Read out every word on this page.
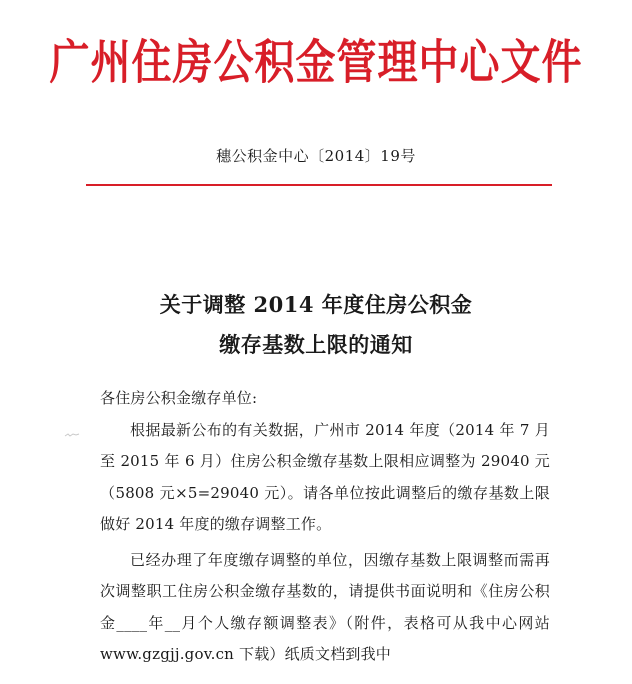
广州住房公积金管理中心文件
穗公积金中心〔2014〕19号
关于调整 2014 年度住房公积金
缴存基数上限的通知

各住房公积金缴存单位:

根据最新公布的有关数据，广州市 2014 年度（2014 年 7 月至 2015 年 6 月）住房公积金缴存基数上限相应调整为 29040 元（5808 元×5=29040 元）。请各单位按此调整后的缴存基数上限做好 2014 年度的缴存调整工作。

已经办理了年度缴存调整的单位，因缴存基数上限调整而需再次调整职工住房公积金缴存基数的，请提供书面说明和《住房公积金____年__月个人缴存额调整表》（附件，表格可从我中心网站 www.gzgjj.gov.cn 下载）纸质文档到我中
